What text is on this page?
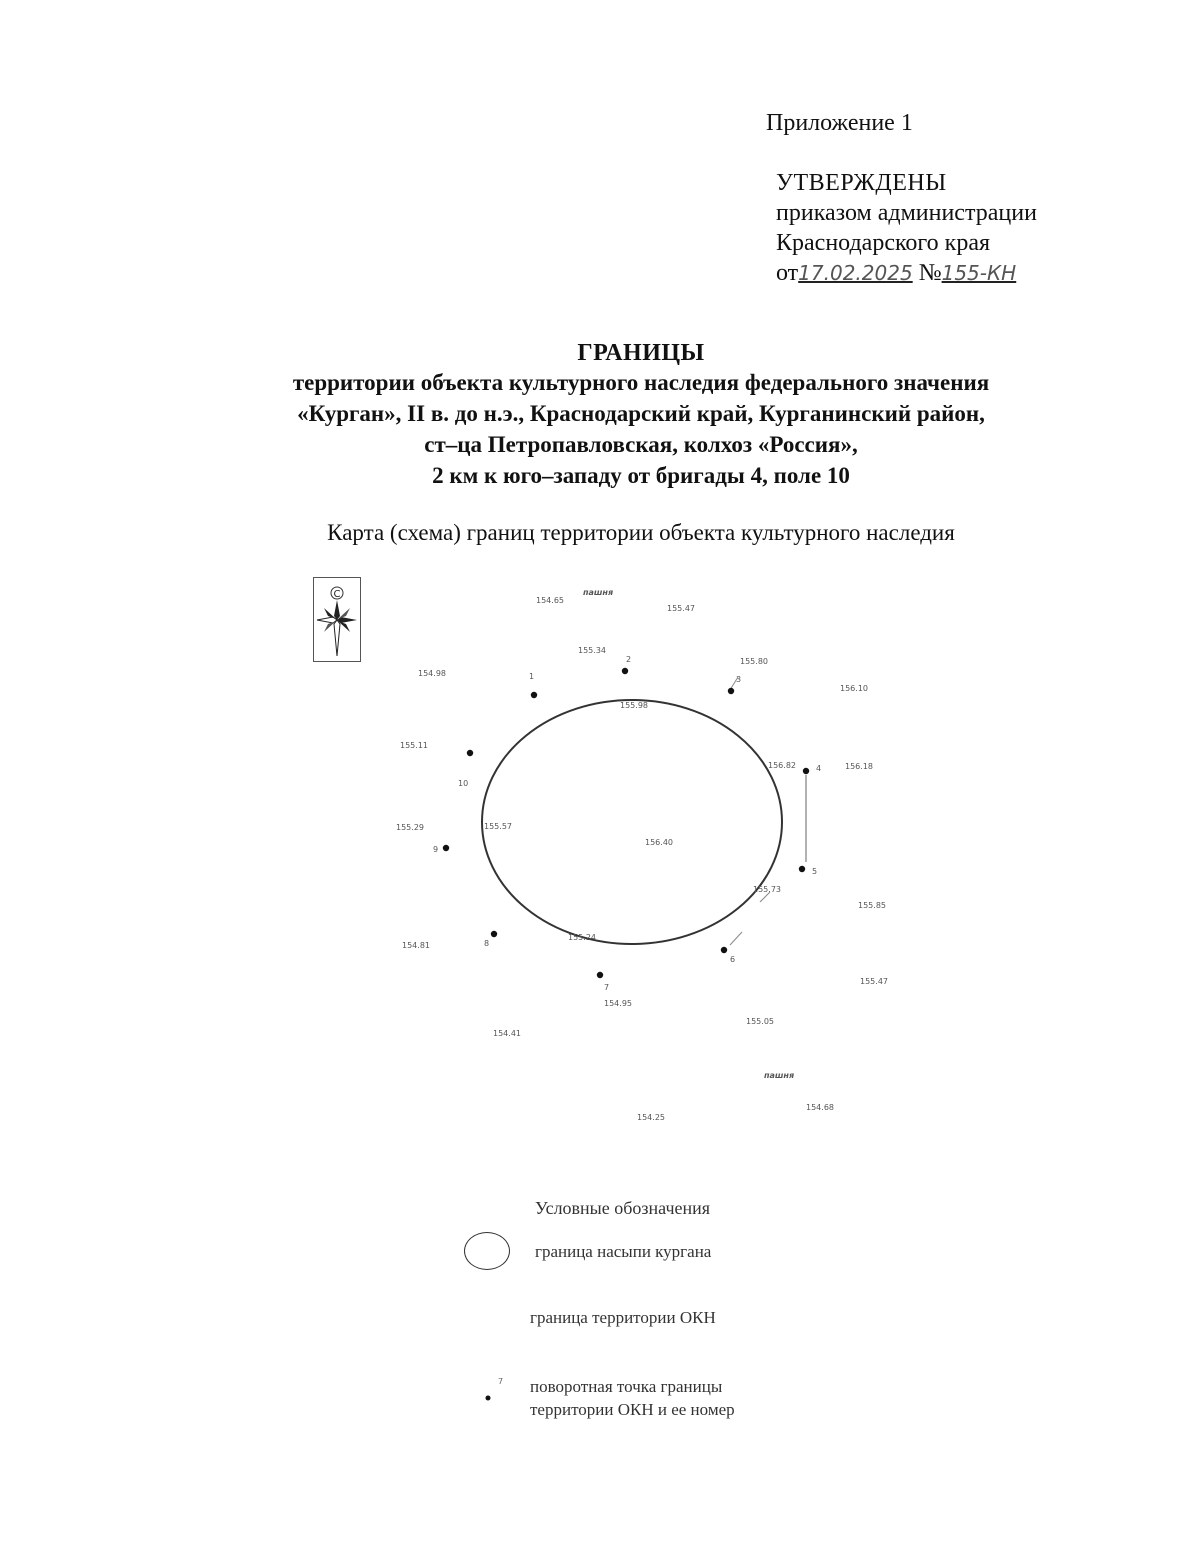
Приложение 1
УТВЕРЖДЕНЫ
приказом администрации
Краснодарского края
от17.02.2025 №155-КН
ГРАНИЦЫ
территории объекта культурного наследия федерального значения
«Курган», II в. до н.э., Краснодарский край, Курганинский район,
ст–ца Петропавловская, колхоз «Россия»,
2 км к юго–западу от бригады 4, поле 10
Карта (схема) границ территории объекта культурного наследия
С	пашня
пашня
154.65
155.47
155.34
155.80
154.98
156.10
155.98
155.11
156.82	156.18
155.29	155.57
156.40
155.73
155.85
154.81
155.24
155.47
154.95
155.05
154.41
154.68
154.25
1
2
3
4
5
6
7
8
9
10
Условные обозначения
граница насыпи кургана
граница территории ОКН
7 поворотная точка границы
территории ОКН и ее номер
